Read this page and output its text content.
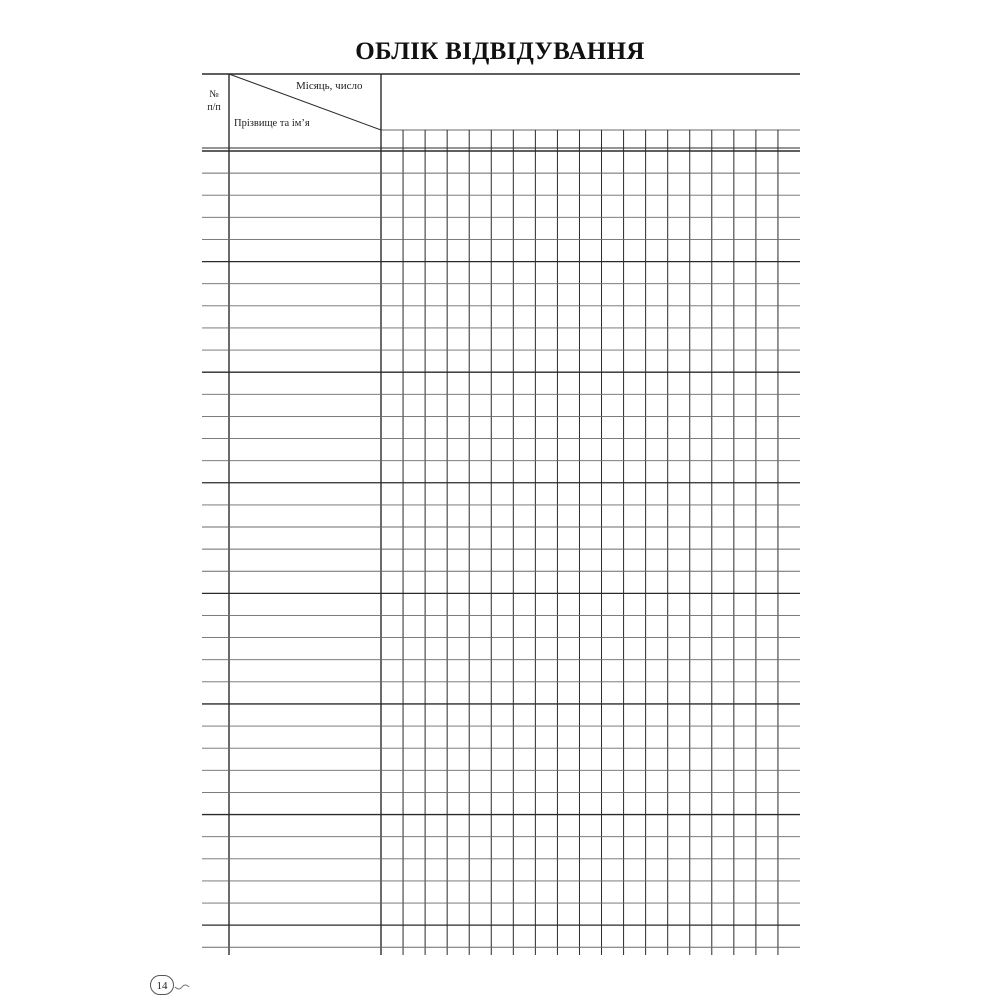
ОБЛІК ВІДВІДУВАННЯ
№
п/п
Місяць, число
Прізвище та ім’я
14
